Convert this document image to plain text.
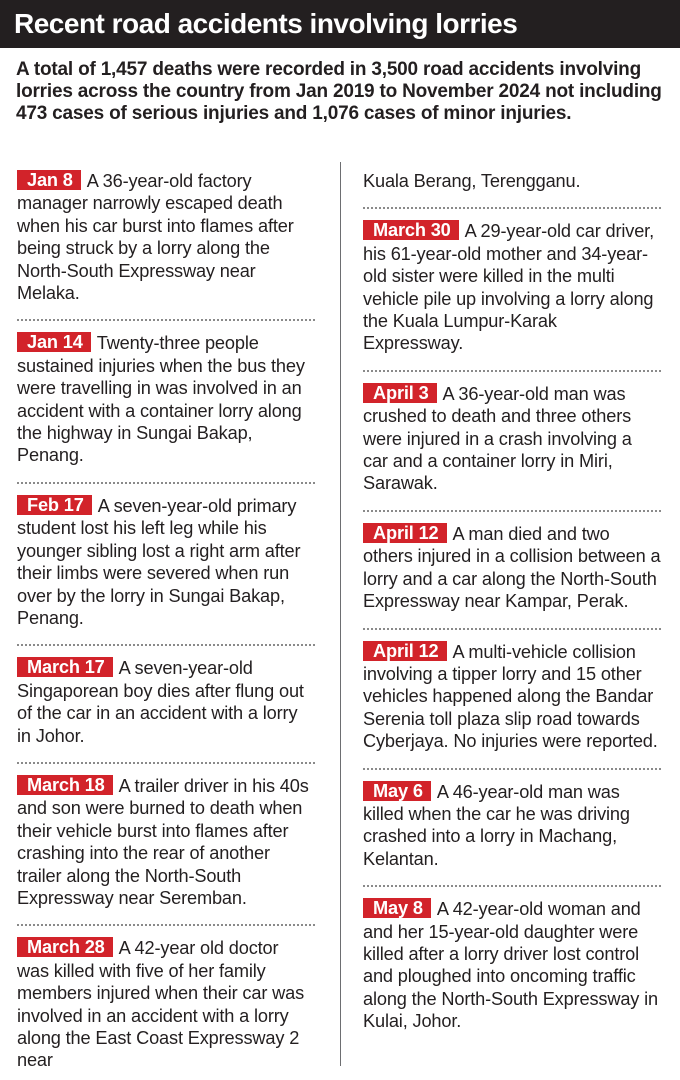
Recent road accidents involving lorries

A total of 1,457 deaths were recorded in 3,500 road accidents involving lorries across the country from Jan 2019 to November 2024 not including 473 cases of serious injuries and 1,076 cases of minor injuries.

Jan 8 A 36-year-old factory manager narrowly escaped death when his car burst into flames after being struck by a lorry along the North-South Expressway near Melaka.
Jan 14 Twenty-three people sustained injuries when the bus they were travelling in was involved in an accident with a container lorry along the highway in Sungai Bakap, Penang.
Feb 17 A seven-year-old primary student lost his left leg while his younger sibling lost a right arm after their limbs were severed when run over by the lorry in Sungai Bakap, Penang.
March 17 A seven-year-old Singaporean boy dies after flung out of the car in an accident with a lorry in Johor.
March 18 A trailer driver in his 40s and son were burned to death when their vehicle burst into flames after crashing into the rear of another trailer along the North-South Expressway near Seremban.
March 28 A 42-year old doctor was killed with five of her family members injured when their car was involved in an accident with a lorry along the East Coast Expressway 2 near
Kuala Berang, Terengganu.
March 30 A 29-year-old car driver, his 61-year-old mother and 34-year-old sister were killed in the multi vehicle pile up involving a lorry along the Kuala Lumpur-Karak Expressway.
April 3 A 36-year-old man was crushed to death and three others were injured in a crash involving a car and a container lorry in Miri, Sarawak.
April 12 A man died and two others injured in a collision between a lorry and a car along the North-South Expressway near Kampar, Perak.
April 12 A multi-vehicle collision involving a tipper lorry and 15 other vehicles happened along the Bandar Serenia toll plaza slip road towards Cyberjaya. No injuries were reported.
May 6 A 46-year-old man was killed when the car he was driving crashed into a lorry in Machang, Kelantan.
May 8 A 42-year-old woman and and her 15-year-old daughter were killed after a lorry driver lost control and ploughed into oncoming traffic along the North-South Expressway in Kulai, Johor.
